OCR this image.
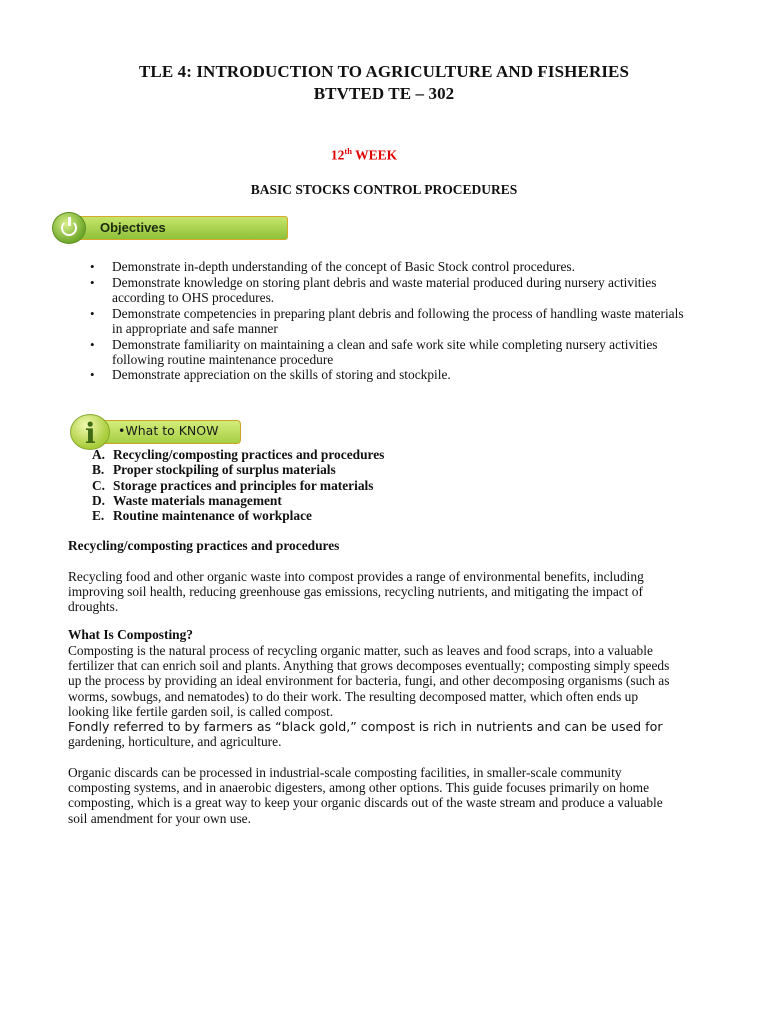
TLE 4: INTRODUCTION TO AGRICULTURE AND FISHERIES
BTVTED TE – 302
12th WEEK
BASIC STOCKS CONTROL PROCEDURES
Objectives
• Demonstrate in-depth understanding of the concept of Basic Stock control procedures.
• Demonstrate knowledge on storing plant debris and waste material produced during nursery activities according to OHS procedures.
• Demonstrate competencies in preparing plant debris and following the process of handling waste materials in appropriate and safe manner
• Demonstrate familiarity on maintaining a clean and safe work site while completing nursery activities following routine maintenance procedure
• Demonstrate appreciation on the skills of storing and stockpile.
i •What to KNOW
A. Recycling/composting practices and procedures
B. Proper stockpiling of surplus materials
C. Storage practices and principles for materials
D. Waste materials management
E. Routine maintenance of workplace
Recycling/composting practices and procedures

Recycling food and other organic waste into compost provides a range of environmental benefits, including improving soil health, reducing greenhouse gas emissions, recycling nutrients, and mitigating the impact of droughts.

What Is Composting?

Composting is the natural process of recycling organic matter, such as leaves and food scraps, into a valuable fertilizer that can enrich soil and plants. Anything that grows decomposes eventually; composting simply speeds up the process by providing an ideal environment for bacteria, fungi, and other decomposing organisms (such as worms, sowbugs, and nematodes) to do their work. The resulting decomposed matter, which often ends up looking like fertile garden soil, is called compost.
Fondly referred to by farmers as “black gold,” compost is rich in nutrients and can be used for
gardening, horticulture, and agriculture.

Organic discards can be processed in industrial-scale composting facilities, in smaller-scale community composting systems, and in anaerobic digesters, among other options. This guide focuses primarily on home composting, which is a great way to keep your organic discards out of the waste stream and produce a valuable soil amendment for your own use.
